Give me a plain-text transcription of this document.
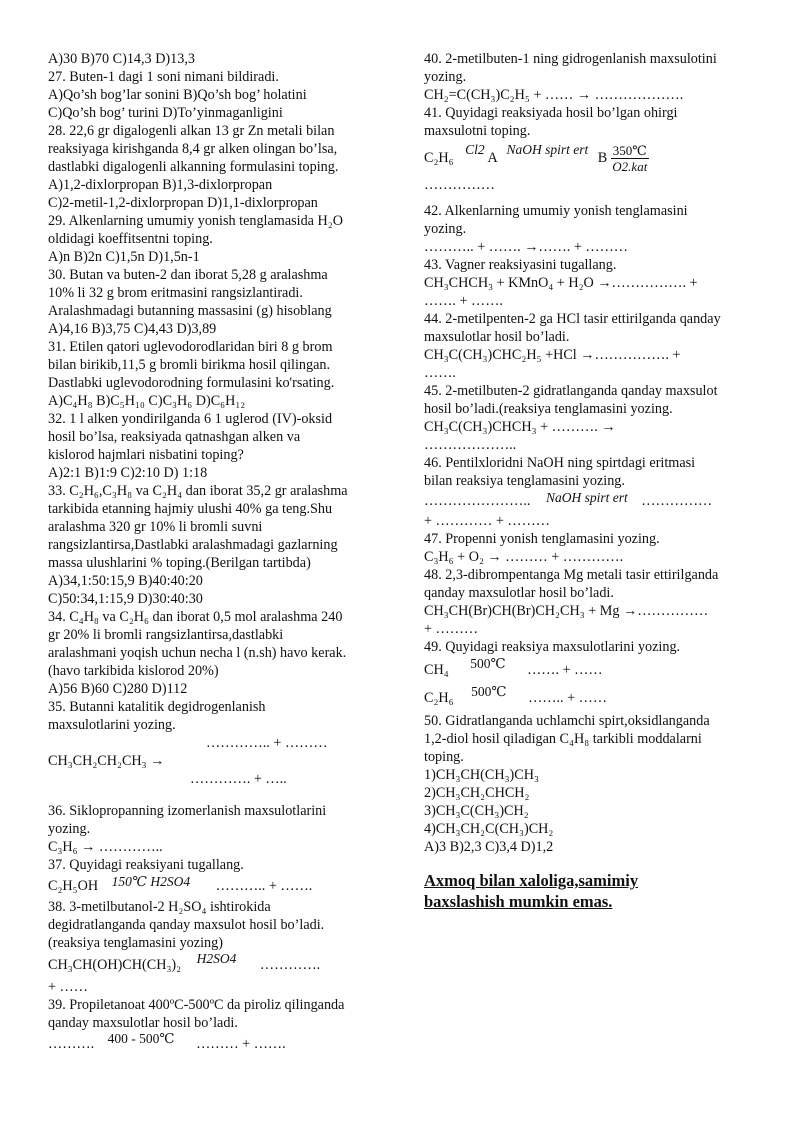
A)30 B)70 C)14,3 D)13,3
27. Buten-1 dagi 1 soni nimani bildiradi.
A)Qo’sh bog’lar sonini B)Qo’sh bog’ holatini
C)Qo’sh bog’ turini D)To’yinmaganligini
28. 22,6 gr digalogenli alkan 13 gr Zn metali bilan
reaksiyaga kirishganda 8,4 gr alken olingan bo’lsa,
dastlabki digalogenli alkanning formulasini toping.
A)1,2-dixlorpropan B)1,3-dixlorpropan
C)2-metil-1,2-dixlorpropan D)1,1-dixlorpropan
29. Alkenlarning umumiy yonish tenglamasida H₂O
oldidagi koeffitsentni toping.
A)n B)2n C)1,5n D)1,5n-1
30. Butan va buten-2 dan iborat 5,28 g aralashma
10% li 32 g brom eritmasini rangsizlantiradi.
Aralashmadagi butanning massasini (g) hisoblang
A)4,16 B)3,75 C)4,43 D)3,89
31. Etilen qatori uglevodorodlaridan biri 8 g brom
bilan birikib,11,5 g bromli birikma hosil qilingan.
Dastlabki uglevodorodning formulasini ko'rsating.
A)C₄H₈ B)C₅H₁₀ C)C₃H₆ D)C₆H₁₂
32. 1 l alken yondirilganda 6 1 uglerod (IV)-oksid
hosil bo’lsa, reaksiyada qatnashgan alken va
kislorod hajmlari nisbatini toping?
A)2:1 B)1:9 C)2:10 D) 1:18
33. C₂H₆,C₃H₈ va C₂H₄ dan iborat 35,2 gr aralashma
tarkibida etanning hajmiy ulushi 40% ga teng.Shu
aralashma 320 gr 10% li bromli suvni
rangsizlantirsa,Dastlabki aralashmadagi gazlarning
massa ulushlarini % toping.(Berilgan tartibda)
A)34,1:50:15,9 B)40:40:20
C)50:34,1:15,9 D)30:40:30
34. C₄H₈ va C₂H₆ dan iborat 0,5 mol aralashma 240
gr 20% li bromli rangsizlantirsa,dastlabki
aralashmani yoqish uchun necha l (n.sh) havo kerak.
(havo tarkibida kislorod 20%)
A)56 B)60 C)280 D)112
35. Butanni katalitik degidrogenlanish
maxsulotlarini yozing.
………….. + ………
CH₃CH₂CH₂CH₃ →
…………. + …..
36. Siklopropanning izomerlanish maxsulotlarini
yozing.
C₃H₆ → …………..
37. Quyidagi reaksiyani tugallang.
C₂H₅OH 150℃ H2SO4 ……….. + …….
38. 3-metilbutanol-2 H₂SO₄ ishtirokida
degidratlanganda qanday maxsulot hosil bo’ladi.
(reaksiya tenglamasini yozing)
CH₃CH(OH)CH(CH₃)₂ H2SO4 ………….
+ ……
39. Propiletanoat 400ºC-500ºC da piroliz qilinganda
qanday maxsulotlar hosil bo’ladi.
………. 400 - 500℃ ……… + …….
40. 2-metilbuten-1 ning gidrogenlanish maxsulotini
yozing.
CH₂=C(CH₃)C₂H₅ + …… → ……………….
41. Quyidagi reaksiyada hosil bo’lgan ohirgi
maxsulotni toping.
C₂H₆ Cl2 A NaOH spirt ert B $\frac{350℃}{\text{O2.kat}}$
……………
42. Alkenlarning umumiy yonish tenglamasini
yozing.
……….. + ……. →……. + ………
43. Vagner reaksiyasini tugallang.
CH₃CHCH₃ + KMnO₄ + H₂O →……………. +
……. + …….
44. 2-metilpenten-2 ga HCl tasir ettirilganda qanday
maxsulotlar hosil bo’ladi.
CH₃C(CH₃)CHC₂H₅ +HCl →……………. +
…….
45. 2-metilbuten-2 gidratlanganda qanday maxsulot
hosil bo’ladi.(reaksiya tenglamasini yozing.
CH₃C(CH₃)CHCH₃ + ………. →
………………..
46. Pentilxloridni NaOH ning spirtdagi eritmasi
bilan reaksiya tenglamasini yozing.
………………….. NaOH spirt ert ……………
+ ………… + ………
47. Propenni yonish tenglamasini yozing.
C₃H₆ + O₂ → ……… + ………….
48. 2,3-dibrompentanga Mg metali tasir ettirilganda
qanday maxsulotlar hosil bo’ladi.
CH₃CH(Br)CH(Br)CH₂CH₃ + Mg →……………
+ ………
49. Quyidagi reaksiya maxsulotlarini yozing.
CH₄ 500℃ ……. + ……
C₂H₆ 500℃ …….. + ……
50. Gidratlanganda uchlamchi spirt,oksidlanganda
1,2-diol hosil qiladigan C₄H₈ tarkibli moddalarni
toping.
1)CH₃CH(CH₃)CH₃
2)CH₃CH₂CHCH₂
3)CH₃C(CH₃)CH₂
4)CH₃CH₂C(CH₃)CH₂
A)3 B)2,3 C)3,4 D)1,2
Axmoq bilan xaloliga,samimiy
baxslashish mumkin emas.
